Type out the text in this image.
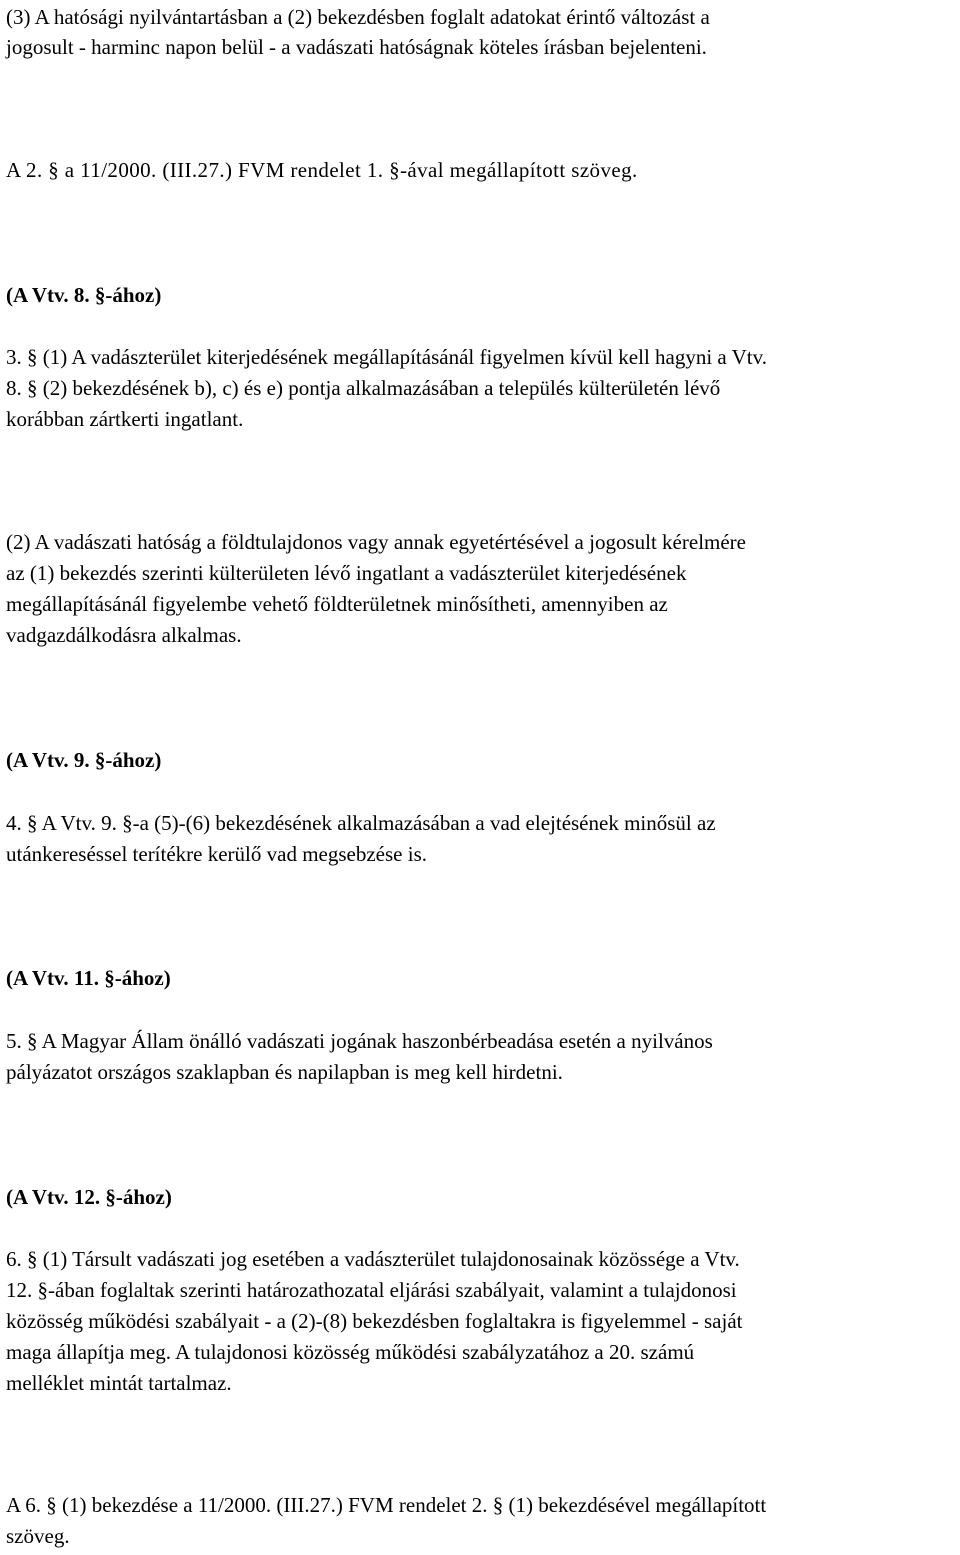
(3) A hatósági nyilvántartásban a (2) bekezdésben foglalt adatokat érintő változást a
jogosult - harminc napon belül - a vadászati hatóságnak köteles írásban bejelenteni.
A 2. § a 11/2000. (III.27.) FVM rendelet 1. §-ával megállapított szöveg.
(A Vtv. 8. §-ához)
3. § (1) A vadászterület kiterjedésének megállapításánál figyelmen kívül kell hagyni a Vtv.
8. § (2) bekezdésének b), c) és e) pontja alkalmazásában a település külterületén lévő
korábban zártkerti ingatlant.
(2) A vadászati hatóság a földtulajdonos vagy annak egyetértésével a jogosult kérelmére
az (1) bekezdés szerinti külterületen lévő ingatlant a vadászterület kiterjedésének
megállapításánál figyelembe vehető földterületnek minősítheti, amennyiben az
vadgazdálkodásra alkalmas.
(A Vtv. 9. §-ához)
4. § A Vtv. 9. §-a (5)-(6) bekezdésének alkalmazásában a vad elejtésének minősül az
utánkereséssel terítékre kerülő vad megsebzése is.
(A Vtv. 11. §-ához)
5. § A Magyar Állam önálló vadászati jogának haszonbérbeadása esetén a nyilvános
pályázatot országos szaklapban és napilapban is meg kell hirdetni.
(A Vtv. 12. §-ához)
6. § (1) Társult vadászati jog esetében a vadászterület tulajdonosainak közössége a Vtv.
12. §-ában foglaltak szerinti határozathozatal eljárási szabályait, valamint a tulajdonosi
közösség működési szabályait - a (2)-(8) bekezdésben foglaltakra is figyelemmel - saját
maga állapítja meg. A tulajdonosi közösség működési szabályzatához a 20. számú
melléklet mintát tartalmaz.
A 6. § (1) bekezdése a 11/2000. (III.27.) FVM rendelet 2. § (1) bekezdésével megállapított
szöveg.
